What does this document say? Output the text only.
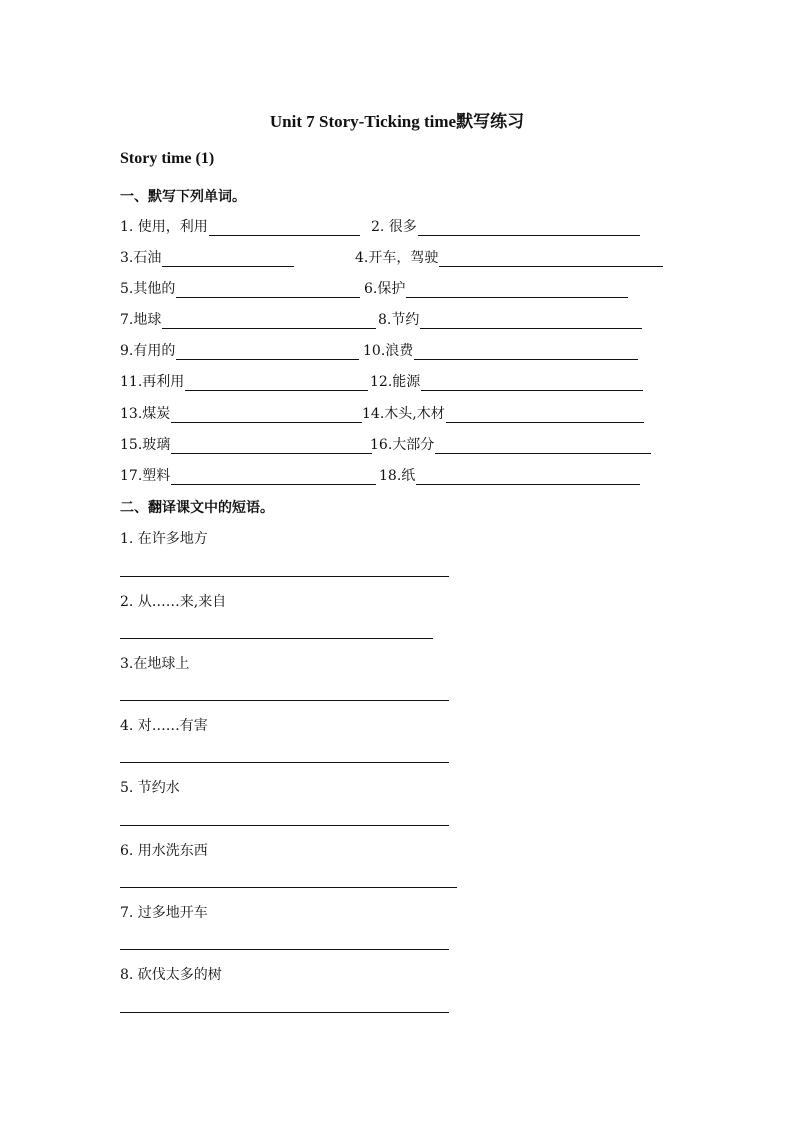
Unit 7 Story-Ticking time默写练习
Story time (1)
一、默写下列单词。
1. 使用，利用	2. 很多
3.石油	4.开车，驾驶
5.其他的	6.保护
7.地球	8.节约
9.有用的	10.浪费
11.再利用	12.能源
13.煤炭	14.木头,木材
15.玻璃	16.大部分
17.塑料	18.纸
二、翻译课文中的短语。
1. 在许多地方
2. 从……来,来自
3.在地球上
4. 对……有害
5. 节约水
6. 用水洗东西
7. 过多地开车
8. 砍伐太多的树
